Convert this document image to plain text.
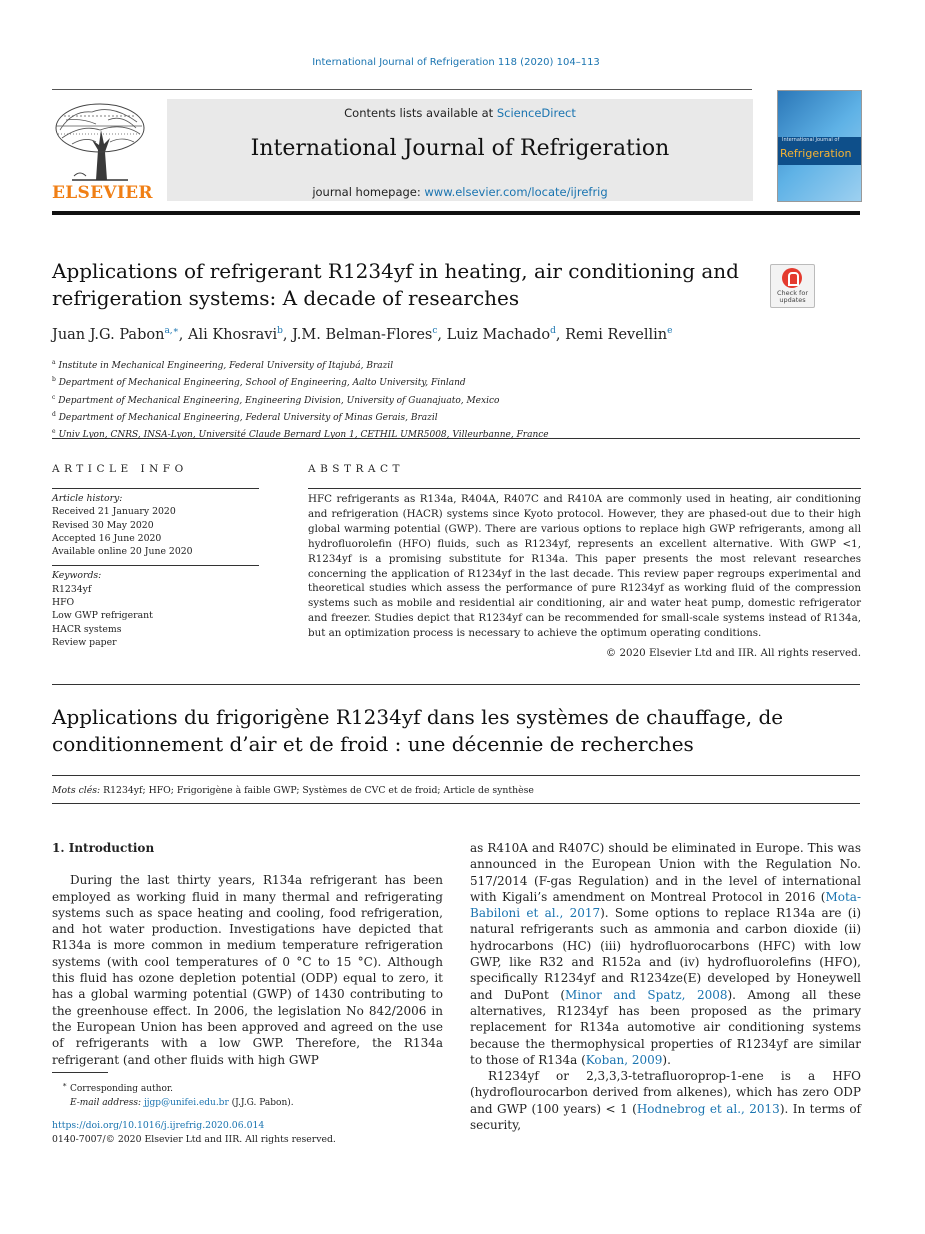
International Journal of Refrigeration 118 (2020) 104–113
ELSEVIER
Contents lists available at ScienceDirect
International Journal of Refrigeration
journal homepage: www.elsevier.com/locate/ijrefrig
International Journal of
Refrigeration
Applications of refrigerant R1234yf in heating, air conditioning and refrigeration systems: A decade of researches	Check for updates
Juan J.G. Pabon$^{a,∗}$, Ali Khosravi$^b$, J.M. Belman-Flores$^c$, Luiz Machado$^d$, Remi Revellin$^e$
$^a$ Institute in Mechanical Engineering, Federal University of Itajubá, Brazil
$^b$ Department of Mechanical Engineering, School of Engineering, Aalto University, Finland
$^c$ Department of Mechanical Engineering, Engineering Division, University of Guanajuato, Mexico
$^d$ Department of Mechanical Engineering, Federal University of Minas Gerais, Brazil
$^e$ Univ Lyon, CNRS, INSA-Lyon, Université Claude Bernard Lyon 1, CETHIL UMR5008, Villeurbanne, France
ARTICLE INFO
Article history:
Received 21 January 2020
Revised 30 May 2020
Accepted 16 June 2020
Available online 20 June 2020
Keywords:
R1234yf
HFO
Low GWP refrigerant
HACR systems
Review paper
ABSTRACT
HFC refrigerants as R134a, R404A, R407C and R410A are commonly used in heating, air conditioning and refrigeration (HACR) systems since Kyoto protocol. However, they are phased-out due to their high global warming potential (GWP). There are various options to replace high GWP refrigerants, among all hydrofluorolefin (HFO) fluids, such as R1234yf, represents an excellent alternative. With GWP <1, R1234yf is a promising substitute for R134a. This paper presents the most relevant researches concerning the application of R1234yf in the last decade. This review paper regroups experimental and theoretical studies which assess the performance of pure R1234yf as working fluid of the compression systems such as mobile and residential air conditioning, air and water heat pump, domestic refrigerator and freezer. Studies depict that R1234yf can be recommended for small-scale systems instead of R134a, but an optimization process is necessary to achieve the optimum operating conditions.
© 2020 Elsevier Ltd and IIR. All rights reserved.
Applications du frigorigène R1234yf dans les systèmes de chauffage, de conditionnement d’air et de froid : une décennie de recherches
Mots clés: R1234yf; HFO; Frigorigène à faible GWP; Systèmes de CVC et de froid; Article de synthèse
1. Introduction

During the last thirty years, R134a refrigerant has been employed as working fluid in many thermal and refrigerating systems such as space heating and cooling, food refrigeration, and hot water production. Investigations have depicted that R134a is more common in medium temperature refrigeration systems (with cool temperatures of 0 °C to 15 °C). Although this fluid has ozone depletion potential (ODP) equal to zero, it has a global warming potential (GWP) of 1430 contributing to the greenhouse effect. In 2006, the legislation No 842/2006 in the European Union has been approved and agreed on the use of refrigerants with a low GWP. Therefore, the R134a refrigerant (and other fluids with high GWP

as R410A and R407C) should be eliminated in Europe. This was announced in the European Union with the Regulation No. 517/2014 (F-gas Regulation) and in the level of international with Kigali’s amendment on Montreal Protocol in 2016 (Mota-Babiloni et al., 2017). Some options to replace R134a are (i) natural refrigerants such as ammonia and carbon dioxide (ii) hydrocarbons (HC) (iii) hydrofluorocarbons (HFC) with low GWP, like R32 and R152a and (iv) hydrofluorolefins (HFO), specifically R1234yf and R1234ze(E) developed by Honeywell and DuPont (Minor and Spatz, 2008). Among all these alternatives, R1234yf has been proposed as the primary replacement for R134a automotive air conditioning systems because the thermophysical properties of R1234yf are similar to those of R134a (Koban, 2009).

R1234yf or 2,3,3,3-tetrafluoroprop-1-ene is a HFO (hydroflourocarbon derived from alkenes), which has zero ODP and GWP (100 years) < 1 (Hodnebrog et al., 2013). In terms of security,

∗ Corresponding author.
E-mail address: jjgp@unifei.edu.br (J.J.G. Pabon).
https://doi.org/10.1016/j.ijrefrig.2020.06.014
0140-7007/© 2020 Elsevier Ltd and IIR. All rights reserved.
